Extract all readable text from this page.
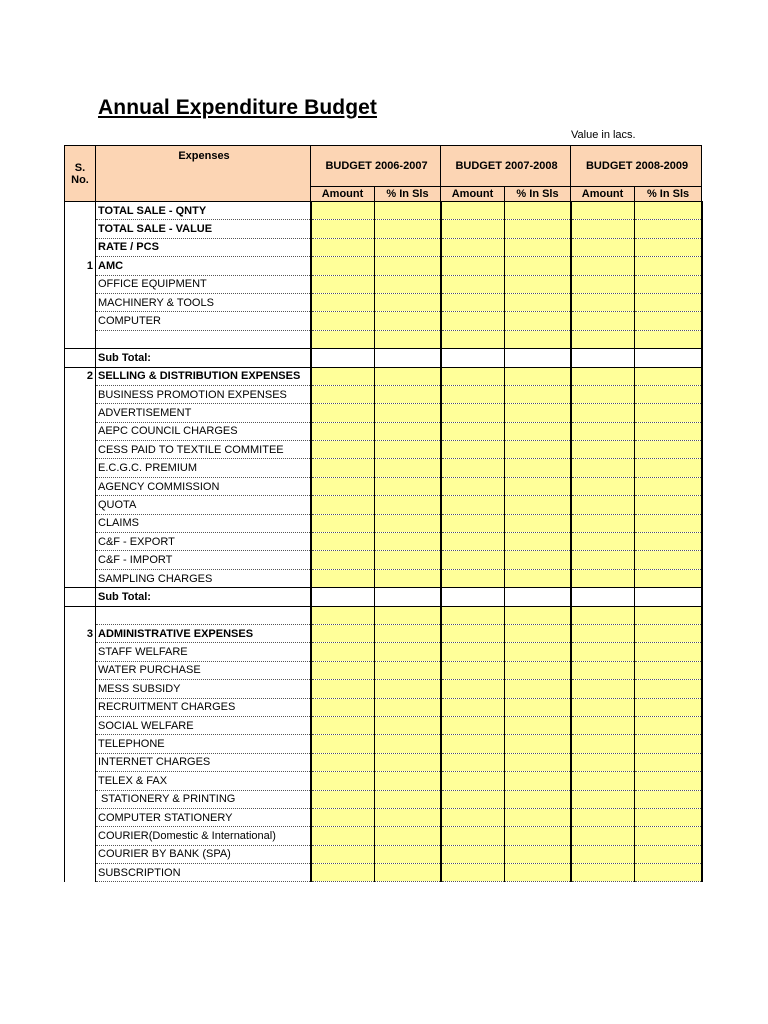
Annual Expenditure Budget
Value in lacs.
S. No.	Expenses	BUDGET 2006-2007		BUDGET 2007-2008		BUDGET 2008-2009	
		Amount	% In Sls	Amount	% In Sls	Amount	% In Sls
	TOTAL SALE - QNTY						
	TOTAL SALE - VALUE						
	RATE / PCS						
1	AMC						
	OFFICE EQUIPMENT						
	MACHINERY & TOOLS						
	COMPUTER						

	Sub Total:						
2	SELLING & DISTRIBUTION EXPENSES						
	BUSINESS PROMOTION EXPENSES						
	ADVERTISEMENT						
	AEPC COUNCIL CHARGES						
	CESS PAID TO TEXTILE COMMITEE						
	E.C.G.C. PREMIUM						
	AGENCY COMMISSION						
	QUOTA						
	CLAIMS						
	C&F - EXPORT						
	C&F - IMPORT						
	SAMPLING CHARGES						
	Sub Total:						

3	ADMINISTRATIVE EXPENSES						
	STAFF WELFARE						
	WATER PURCHASE						
	MESS SUBSIDY						
	RECRUITMENT CHARGES						
	SOCIAL WELFARE						
	TELEPHONE						
	INTERNET CHARGES						
	TELEX & FAX						
	STATIONERY & PRINTING						
	COMPUTER STATIONERY						
	COURIER(Domestic & International)						
	COURIER BY BANK (SPA)						
	SUBSCRIPTION						
